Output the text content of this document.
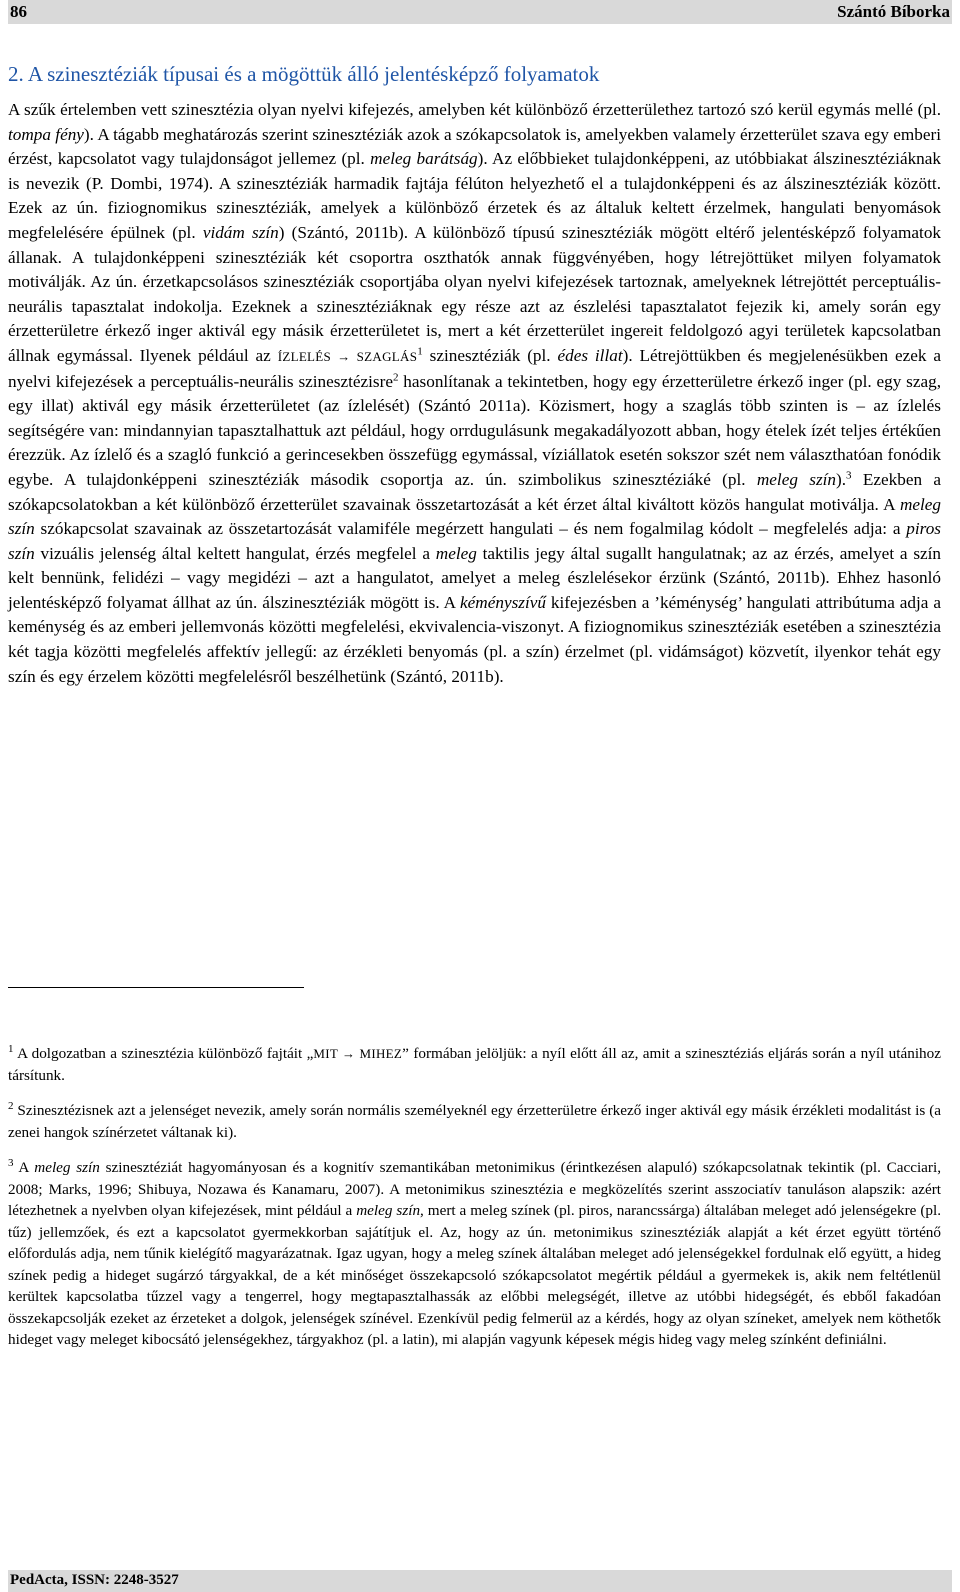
86	Szántó Bíborka
2. A szinesztéziák típusai és a mögöttük álló jelentésképző folyamatok

A szűk értelemben vett szinesztézia olyan nyelvi kifejezés, amelyben két különböző érzetterülethez tartozó szó kerül egymás mellé (pl. tompa fény). A tágabb meghatározás szerint szinesztéziák azok a szókapcsolatok is, amelyekben valamely érzetterület szava egy emberi érzést, kapcsolatot vagy tulajdonságot jellemez (pl. meleg barátság). Az előbbieket tulajdonképpeni, az utóbbiakat álszinesztéziáknak is nevezik (P. Dombi, 1974). A szinesztéziák harmadik fajtája félúton helyezhető el a tulajdonképpeni és az álszinesztéziák között. Ezek az ún. fiziognomikus szinesztéziák, amelyek a különböző érzetek és az általuk keltett érzelmek, hangulati benyomások megfelelésére épülnek (pl. vidám szín) (Szántó, 2011b). A különböző típusú szinesztéziák mögött eltérő jelentésképző folyamatok állanak. A tulajdonképpeni szinesztéziák két csoportra oszthatók annak függvényében, hogy létrejöttüket milyen folyamatok motiválják. Az ún. érzetkapcsolásos szinesztéziák csoportjába olyan nyelvi kifejezések tartoznak, amelyeknek létrejöttét perceptuális-neurális tapasztalat indokolja. Ezeknek a szinesztéziáknak egy része azt az észlelési tapasztalatot fejezik ki, amely során egy érzetterületre érkező inger aktivál egy másik érzetterületet is, mert a két érzetterület ingereit feldolgozó agyi területek kapcsolatban állnak egymással. Ilyenek például az ÍZLELÉS → $SZAGLÁS^1$ szinesztéziák (pl. édes illat). Létrejöttükben és megjelenésükben ezek a nyelvi kifejezések a perceptuális-neurális szinesztézisre$^2$ hasonlítanak a tekintetben, hogy egy érzetterületre érkező inger (pl. egy szag, egy illat) aktivál egy másik érzetterületet (az ízlelését) (Szántó 2011a). Közismert, hogy a szaglás több szinten is – az ízlelés segítségére van: mindannyian tapasztalhattuk azt például, hogy orrdugulásunk megakadályozott abban, hogy ételek ízét teljes értékűen érezzük. Az ízlelő és a szagló funkció a gerincesekben összefügg egymással, víziállatok esetén sokszor szét nem választhatóan fonódik egybe. A tulajdonképpeni szinesztéziák második csoportja az. ún. szimbolikus szinesztéziáké (pl. meleg szín).$^3$ Ezekben a szókapcsolatokban a két különböző érzetterület szavainak összetartozását a két érzet által kiváltott közös hangulat motiválja. A meleg szín szókapcsolat szavainak az összetartozását valamiféle megérzett hangulati – és nem fogalmilag kódolt – megfelelés adja: a piros szín vizuális jelenség által keltett hangulat, érzés megfelel a meleg taktilis jegy által sugallt hangulatnak; az az érzés, amelyet a szín kelt bennünk, felidézi – vagy megidézi – azt a hangulatot, amelyet a meleg észlelésekor érzünk (Szántó, 2011b). Ehhez hasonló jelentésképző folyamat állhat az ún. álszinesztéziák mögött is. A kéményszívű kifejezésben a ’kéménység’ hangulati attribútuma adja a keménység és az emberi jellemvonás közötti megfelelési, ekvivalencia-viszonyt. A fiziognomikus szinesztéziák esetében a szinesztézia két tagja közötti megfelelés affektív jellegű: az érzékleti benyomás (pl. a szín) érzelmet (pl. vidámságot) közvetít, ilyenkor tehát egy szín és egy érzelem közötti megfelelésről beszélhetünk (Szántó, 2011b).

$^1$ A dolgozatban a szinesztézia különböző fajtáit „MIT → MIHEZ” formában jelöljük: a nyíl előtt áll az, amit a szinesztéziás eljárás során a nyíl utánihoz társítunk.

$^2$ Szinesztézisnek azt a jelenséget nevezik, amely során normális személyeknél egy érzetterületre érkező inger aktivál egy másik érzékleti modalitást is (a zenei hangok színérzetet váltanak ki).

$^3$ A meleg szín szinesztéziát hagyományosan és a kognitív szemantikában metonimikus (érintkezésen alapuló) szókapcsolatnak tekintik (pl. Cacciari, 2008; Marks, 1996; Shibuya, Nozawa és Kanamaru, 2007). A metonimikus szinesztézia e megközelítés szerint asszociatív tanuláson alapszik: azért létezhetnek a nyelvben olyan kifejezések, mint például a meleg szín, mert a meleg színek (pl. piros, narancssárga) általában meleget adó jelenségekre (pl. tűz) jellemzőek, és ezt a kapcsolatot gyermekkorban sajátítjuk el. Az, hogy az ún. metonimikus szinesztéziák alapját a két érzet együtt történő előfordulás adja, nem tűnik kielégítő magyarázatnak. Igaz ugyan, hogy a meleg színek általában meleget adó jelenségekkel fordulnak elő együtt, a hideg színek pedig a hideget sugárzó tárgyakkal, de a két minőséget összekapcsoló szókapcsolatot megértik például a gyermekek is, akik nem feltétlenül kerültek kapcsolatba tűzzel vagy a tengerrel, hogy megtapasztalhassák az előbbi melegségét, illetve az utóbbi hidegségét, és ebből fakadóan összekapcsolják ezeket az érzeteket a dolgok, jelenségek színével. Ezenkívül pedig felmerül az a kérdés, hogy az olyan színeket, amelyek nem köthetők hideget vagy meleget kibocsátó jelenségekhez, tárgyakhoz (pl. a latin), mi alapján vagyunk képesek mégis hideg vagy meleg színként definiálni.

PedActa, ISSN: 2248-3527
